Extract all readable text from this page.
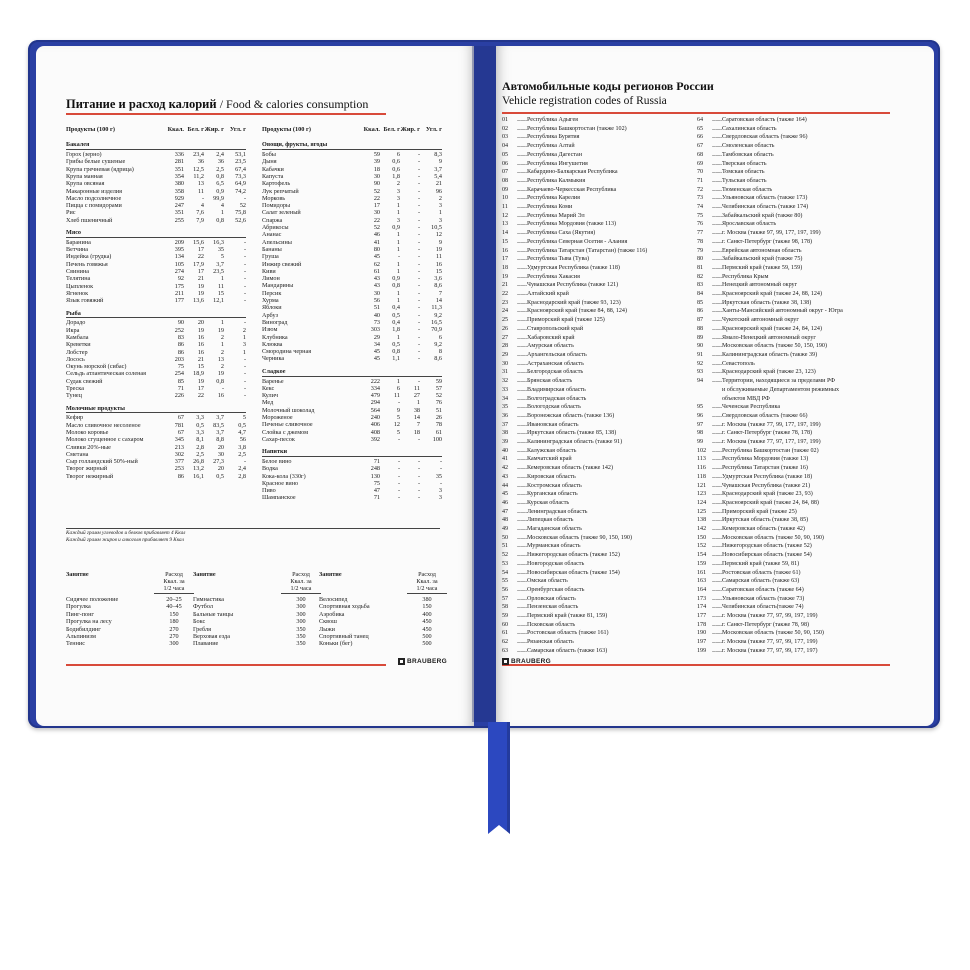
Питание и расход калорий / Food & calories consumption
Продукты (100 г)	Ккал. Бел. г Жир. г Угл. г
Бакалея
Горох (зерно)	336	23,4	2,4	53,1
Грибы белые сушеные	281	36	36	23,5
Крупа гречневая (ядрица)	351	12,5	2,5	67,4
Крупа манная	354	11,2	0,8	73,3
Крупа овсяная	380	13	6,5	64,9
Макаронные изделия	358	11	0,9	74,2
Масло подсолнечное	929	-	99,9	-
Пицца с помидорами	247	4	4	52
Рис	351	7,6	1	75,8
Хлеб пшеничный	255	7,9	0,8	52,6
Мясо
Баранина	209	15,6	16,3	-
Ветчина	395	17	35	-
Индейка (грудка)	134	22	5	-
Печень говяжья	105	17,9	3,7	-
Свинина	274	17	23,5	-
Телятина	92	21	1	-
Цыпленок	175	19	11	-
Ягненок	211	19	15	-
Язык говяжий	177	13,6	12,1	-
Рыба
Дорадо	90	20	1	-
Икра	252	19	19	2
Камбала	83	16	2	1
Креветки	86	16	1	3
Лобстер	86	16	2	1
Лосось	203	21	13	-
Окунь морской (сибас)	75	15	2	-
Сельдь атлантическая соленая	254	18,9	19	-
Судак свежий	85	19	0,8	-
Треска	71	17	-	-
Тунец	226	22	16	-
Молочные продукты
Кефир	67	3,3	3,7	5
Масло сливочное несоленое	781	0,5	83,5	0,5
Молоко коровье	67	3,3	3,7	4,7
Молоко сгущенное с сахаром	345	8,1	8,8	56
Сливки 20%-ные	213	2,8	20	3,8
Сметана	302	2,5	30	2,5
Сыр голландский 50%-ный	377	26,8	27,3	-
Творог жирный	253	13,2	20	2,4
Творог нежирный	86	16,1	0,5	2,8
Продукты (100 г)	Ккал. Бел. г Жир. г Угл. г
Овощи, фрукты, ягоды
Бобы	59	6	-	8,3
Дыня	39	0,6	-	9
Кабачки	18	0,6	-	3,7
Капуста	30	1,8	-	5,4
Картофель	90	2	-	21
Лук репчатый	52	3	-	96
Морковь	22	3	-	2
Помидоры	17	1	-	3
Салат зеленый	30	1	-	1
Спаржа	22	3	-	3
Абрикосы	52	0,9	-	10,5
Ананас	46	1	-	12
Апельсины	41	1	-	9
Бананы	80	1	-	19
Груша	45	-	-	11
Инжир свежий	62	1	-	16
Киви	61	1	-	15
Лимон	43	0,9	-	3,6
Мандарины	43	0,8	-	8,6
Персик	30	1	-	7
Хурма	56	1	-	14
Яблоки	51	0,4	-	11,3
Арбуз	40	0,5	-	9,2
Виноград	73	0,4	-	16,5
Изюм	303	1,8	-	70,9
Клубника	29	1	-	6
Клюква	34	0,5	-	9,2
Смородина черная	45	0,8	-	8
Черника	45	1,1	-	8,6
Сладкое
Варенье	222	1	-	59
Кекс	334	6	11	57
Кулич	479	11	27	52
Мед	294	-	1	76
Молочный шоколад	564	9	38	51
Мороженое	240	5	14	26
Печенье сливочное	406	12	7	78
Слойка с джемом	408	5	18	61
Сахар-песок	392	-	-	100
Напитки
Белое вино	71	-	-	-
Водка	248	-	-	-
Кока-кола (330г)	130	-	-	35
Красное вино	75	-	-	-
Пиво	47	-	-	3
Шампанское	71	-	-	3
Каждый грамм углеводов и белков прибавляет 4 Ккал
Каждый грамм жиров и алкоголя прибавляет 9 Ккал
Занятие	Расход
Ккал. за
1/2 часа
Сидячее положение	20–25
Прогулка	40–45
Пинг-понг	150
Прогулка на лесу	180
Бодибилдинг	270
Альпинизм	270
Теннис	300
Занятие	Расход
Ккал. за
1/2 часа
Гимнастика	300
Футбол	300
Бальные танцы	300
Бокс	300
Гребля	350
Верховая езда	350
Плавание	350
Занятие	Расход
Ккал. за
1/2 часа
Велосипед	380
Спортивная ходьба	150
Аэробика	400
Сквош	450
Лыжи	450
Спортивный танец	500
Коньки (бег)	500
BRAUBERG
Автомобильные коды регионов России
Vehicle registration codes of Russia
01	.......... Республика Адыгея
02	.......... Республика Башкортостан (также 102)
03	.......... Республика Бурятия
04	.......... Республика Алтай
05	.......... Республика Дагестан
06	.......... Республика Ингушетия
07	.......... Кабардино-Балкарская Республика
08	.......... Республика Калмыкия
09	.......... Карачаево-Черкесская Республика
10	.......... Республика Карелия
11	.......... Республика Коми
12	.......... Республика Марий Эл
13	.......... Республика Мордовия (также 113)
14	.......... Республика Саха (Якутия)
15	.......... Республика Северная Осетия - Алания
16	.......... Республика Татарстан (Татарстан) (также 116)
17	.......... Республика Тыва (Тува)
18	.......... Удмуртская Республика (также 118)
19	.......... Республика Хакасия
21	.......... Чувашская Республика (также 121)
22	.......... Алтайский край
23	.......... Краснодарский край (также 93, 123)
24	.......... Красноярский край (также 84, 88, 124)
25	.......... Приморский край (также 125)
26	.......... Ставропольский край
27	.......... Хабаровский край
28	.......... Амурская область
29	.......... Архангельская область
30	.......... Астраханская область
31	.......... Белгородская область
32	.......... Брянская область
33	.......... Владимирская область
34	.......... Волгоградская область
35	.......... Вологодская область
36	.......... Воронежская область (также 136)
37	.......... Ивановская область
38	.......... Иркутская область (также 85, 138)
39	.......... Калининградская область (также 91)
40	.......... Калужская область
41	.......... Камчатский край
42	.......... Кемеровская область (также 142)
43	.......... Кировская область
44	.......... Костромская область
45	.......... Курганская область
46	.......... Курская область
47	.......... Ленинградская область
48	.......... Липецкая область
49	.......... Магаданская область
50	.......... Московская область (также 90, 150, 190)
51	.......... Мурманская область
52	.......... Нижегородская область (также 152)
53	.......... Новгородская область
54	.......... Новосибирская область (также 154)
55	.......... Омская область
56	.......... Оренбургская область
57	.......... Орловская область
58	.......... Пензенская область
59	.......... Пермский край (также 81, 159)
60	.......... Псковская область
61	.......... Ростовская область (также 161)
62	.......... Рязанская область
63	.......... Самарская область (также 163)
64	.......... Саратовская область (также 164)
65	.......... Сахалинская область
66	.......... Свердловская область (также 96)
67	.......... Смоленская область
68	.......... Тамбовская область
69	.......... Тверская область
70	.......... Томская область
71	.......... Тульская область
72	.......... Тюменская область
73	.......... Ульяновская область (также 173)
74	.......... Челябинская область (также 174)
75	.......... Забайкальский край (также 80)
76	.......... Ярославская область
77	.......... г. Москва (также 97, 99, 177, 197, 199)
78	.......... г. Санкт-Петербург (также 98, 178)
79	.......... Еврейская автономная область
80	.......... Забайкальский край (также 75)
81	.......... Пермский край (также 59, 159)
82	.......... Республика Крым
83	.......... Ненецкий автономный округ
84	.......... Красноярский край (также 24, 88, 124)
85	.......... Иркутская область (также 38, 138)
86	.......... Ханты-Мансийский автономный округ - Югра
87	.......... Чукотский автономный округ
88	.......... Красноярский край (также 24, 84, 124)
89	.......... Ямало-Ненецкий автономный округ
90	.......... Московская область (также 50, 150, 190)
91	.......... Калининградская область (также 39)
92	.......... Севастополь
93	.......... Краснодарский край (также 23, 123)
94	.......... Территории, находящиеся за пределами РФ
и обслуживаемые Департаментом режимных
объектов МВД РФ
95	.......... Чеченская Республика
96	.......... Свердловская область (также 66)
97	.......... г. Москва (также 77, 99, 177, 197, 199)
98	.......... г. Санкт-Петербург (также 78, 178)
99	.......... г. Москва (также 77, 97, 177, 197, 199)
102 .......... Республика Башкортостан (также 02)
113 .......... Республика Мордовия (также 13)
116 .......... Республика Татарстан (также 16)
118 .......... Удмуртская Республика (также 18)
121 .......... Чувашская Республика (также 21)
123 .......... Краснодарский край (также 23, 93)
124 .......... Красноярский край (также 24, 84, 88)
125 .......... Приморский край (также 25)
138 .......... Иркутская область (также 38, 85)
142 .......... Кемеровская область (также 42)
150 .......... Московская область (также 50, 90, 190)
152 .......... Нижегородская область (также 52)
154 .......... Новосибирская область (также 54)
159 .......... Пермский край (также 59, 81)
161 .......... Ростовская область (также 61)
163 .......... Самарская область (также 63)
164 .......... Саратовская область (также 64)
173 .......... Ульяновская область (также 73)
174 .......... Челябинская область(также 74)
177 .......... г. Москва (также 77, 97, 99, 197, 199)
178 .......... г. Санкт-Петербург (также 78, 98)
190 .......... Московская область (также 50, 90, 150)
197 .......... г. Москва (также 77, 97, 99, 177, 199)
199 .......... г. Москва (также 77, 97, 99, 177, 197)
BRAUBERG
